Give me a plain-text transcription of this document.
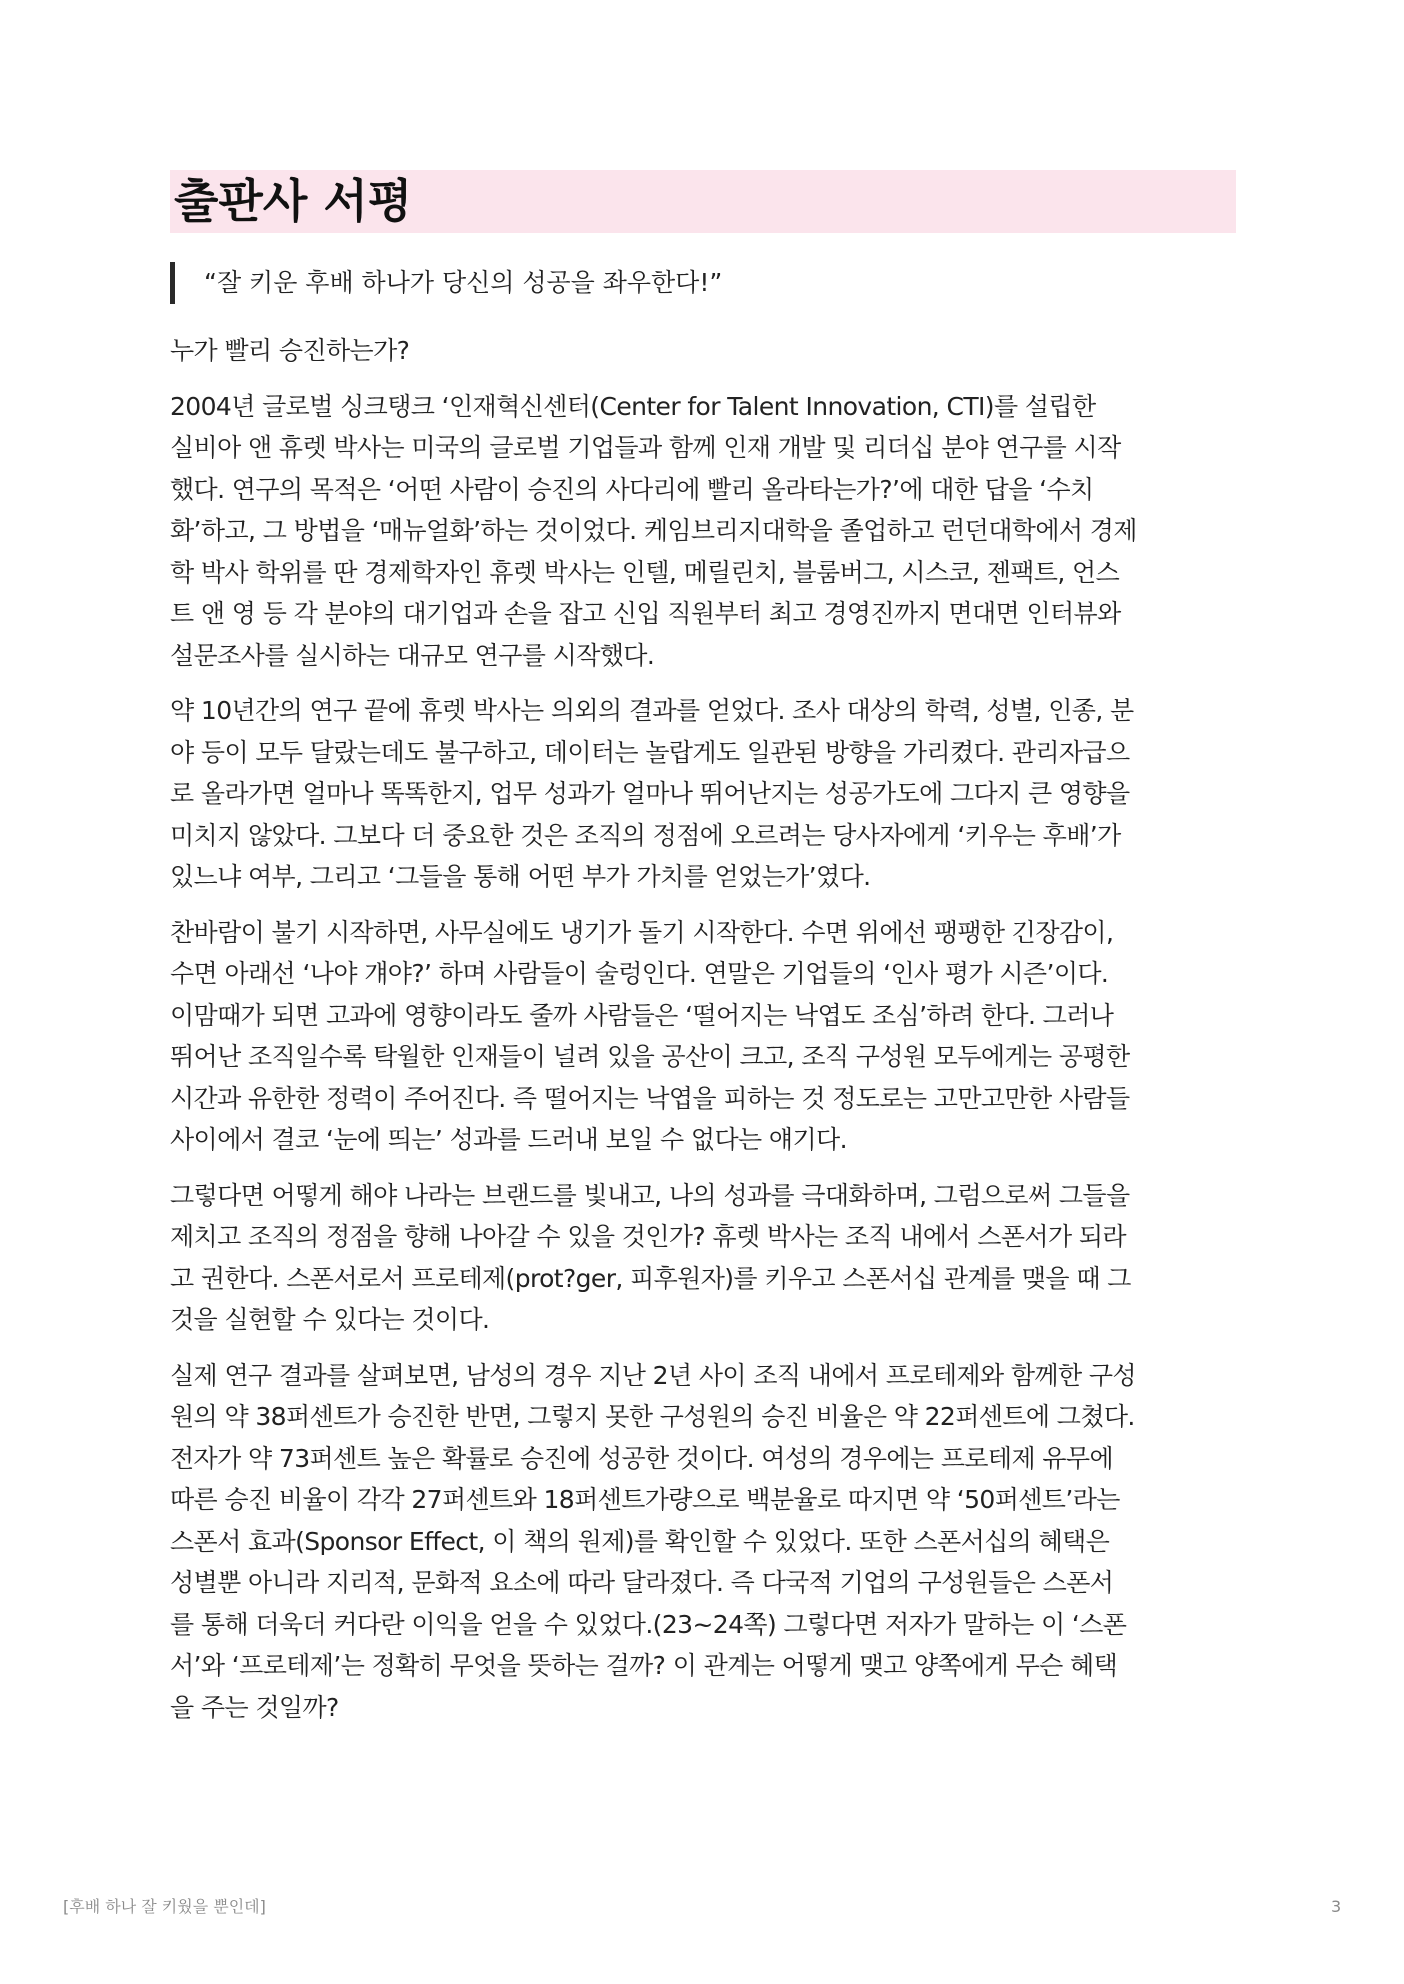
출판사 서평
“잘 키운 후배 하나가 당신의 성공을 좌우한다!”
누가 빨리 승진하는가?
2004년 글로벌 싱크탱크 ‘인재혁신센터(Center for Talent Innovation, CTI)를 설립한
실비아 앤 휴렛 박사는 미국의 글로벌 기업들과 함께 인재 개발 및 리더십 분야 연구를 시작
했다. 연구의 목적은 ‘어떤 사람이 승진의 사다리에 빨리 올라타는가?’에 대한 답을 ‘수치
화’하고, 그 방법을 ‘매뉴얼화’하는 것이었다. 케임브리지대학을 졸업하고 런던대학에서 경제
학 박사 학위를 딴 경제학자인 휴렛 박사는 인텔, 메릴린치, 블룸버그, 시스코, 젠팩트, 언스
트 앤 영 등 각 분야의 대기업과 손을 잡고 신입 직원부터 최고 경영진까지 면대면 인터뷰와
설문조사를 실시하는 대규모 연구를 시작했다.
약 10년간의 연구 끝에 휴렛 박사는 의외의 결과를 얻었다. 조사 대상의 학력, 성별, 인종, 분
야 등이 모두 달랐는데도 불구하고, 데이터는 놀랍게도 일관된 방향을 가리켰다. 관리자급으
로 올라가면 얼마나 똑똑한지, 업무 성과가 얼마나 뛰어난지는 성공가도에 그다지 큰 영향을
미치지 않았다. 그보다 더 중요한 것은 조직의 정점에 오르려는 당사자에게 ‘키우는 후배’가
있느냐 여부, 그리고 ‘그들을 통해 어떤 부가 가치를 얻었는가’였다.
찬바람이 불기 시작하면, 사무실에도 냉기가 돌기 시작한다. 수면 위에선 팽팽한 긴장감이,
수면 아래선 ‘나야 걔야?’ 하며 사람들이 술렁인다. 연말은 기업들의 ‘인사 평가 시즌’이다.
이맘때가 되면 고과에 영향이라도 줄까 사람들은 ‘떨어지는 낙엽도 조심’하려 한다. 그러나
뛰어난 조직일수록 탁월한 인재들이 널려 있을 공산이 크고, 조직 구성원 모두에게는 공평한
시간과 유한한 정력이 주어진다. 즉 떨어지는 낙엽을 피하는 것 정도로는 고만고만한 사람들
사이에서 결코 ‘눈에 띄는’ 성과를 드러내 보일 수 없다는 얘기다.
그렇다면 어떻게 해야 나라는 브랜드를 빛내고, 나의 성과를 극대화하며, 그럼으로써 그들을
제치고 조직의 정점을 향해 나아갈 수 있을 것인가? 휴렛 박사는 조직 내에서 스폰서가 되라
고 권한다. 스폰서로서 프로테제(prot?ger, 피후원자)를 키우고 스폰서십 관계를 맺을 때 그
것을 실현할 수 있다는 것이다.
실제 연구 결과를 살펴보면, 남성의 경우 지난 2년 사이 조직 내에서 프로테제와 함께한 구성
원의 약 38퍼센트가 승진한 반면, 그렇지 못한 구성원의 승진 비율은 약 22퍼센트에 그쳤다.
전자가 약 73퍼센트 높은 확률로 승진에 성공한 것이다. 여성의 경우에는 프로테제 유무에
따른 승진 비율이 각각 27퍼센트와 18퍼센트가량으로 백분율로 따지면 약 ‘50퍼센트’라는
스폰서 효과(Sponsor Effect, 이 책의 원제)를 확인할 수 있었다. 또한 스폰서십의 혜택은
성별뿐 아니라 지리적, 문화적 요소에 따라 달라졌다. 즉 다국적 기업의 구성원들은 스폰서
를 통해 더욱더 커다란 이익을 얻을 수 있었다.(23~24쪽) 그렇다면 저자가 말하는 이 ‘스폰
서’와 ‘프로테제’는 정확히 무엇을 뜻하는 걸까? 이 관계는 어떻게 맺고 양쪽에게 무슨 혜택
을 주는 것일까?
[후배 하나 잘 키웠을 뿐인데]	3
